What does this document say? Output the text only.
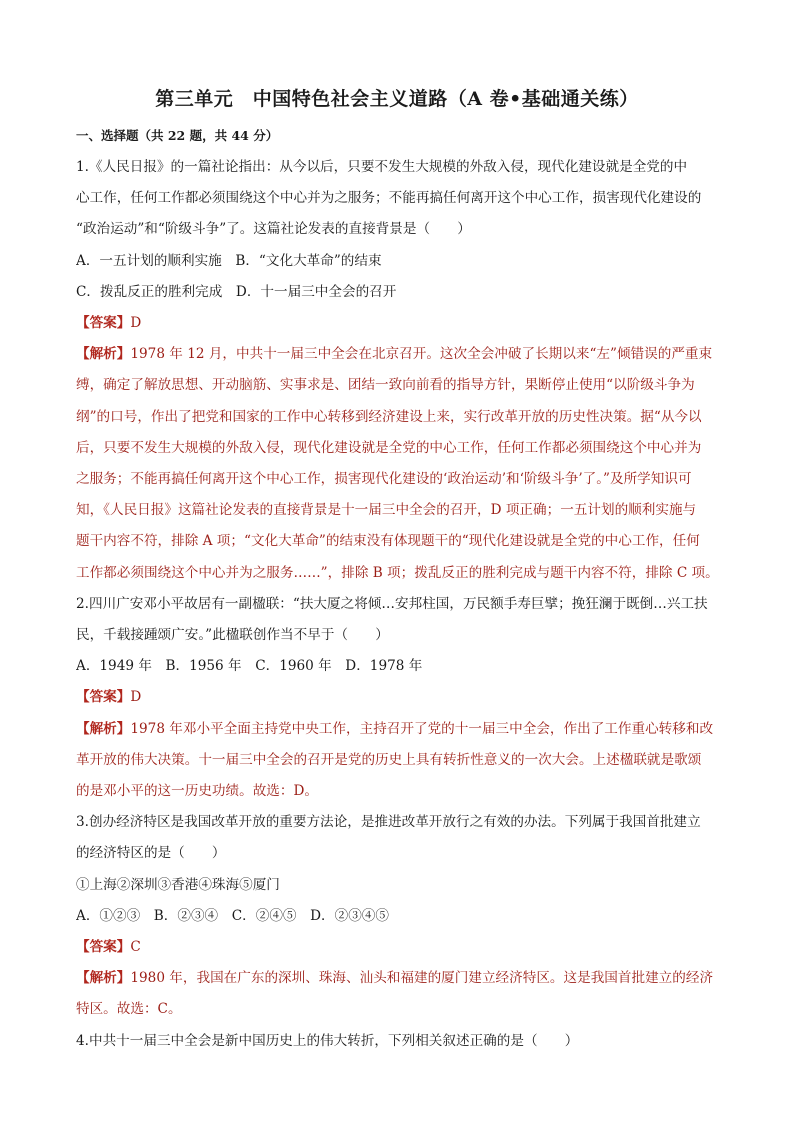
第三单元　中国特色社会主义道路（A 卷•基础通关练）
一、选择题（共 22 题，共 44 分）
1.《人民日报》的一篇社论指出：从今以后，只要不发生大规模的外敌入侵，现代化建设就是全党的中
心工作，任何工作都必须围绕这个中心并为之服务；不能再搞任何离开这个中心工作，损害现代化建设的
“政治运动”和“阶级斗争”了。这篇社论发表的直接背景是（　　）
A．一五计划的顺利实施　B．“文化大革命”的结束
C．拨乱反正的胜利完成　D．十一届三中全会的召开
【答案】D
【解析】1978 年 12 月，中共十一届三中全会在北京召开。这次全会冲破了长期以来“左”倾错误的严重束
缚，确定了解放思想、开动脑筋、实事求是、团结一致向前看的指导方针，果断停止使用“以阶级斗争为
纲”的口号，作出了把党和国家的工作中心转移到经济建设上来，实行改革开放的历史性决策。据“从今以
后，只要不发生大规模的外敌入侵，现代化建设就是全党的中心工作，任何工作都必须围绕这个中心并为
之服务；不能再搞任何离开这个中心工作，损害现代化建设的‘政治运动’和‘阶级斗争’了。”及所学知识可
知，《人民日报》这篇社论发表的直接背景是十一届三中全会的召开，D 项正确；一五计划的顺利实施与
题干内容不符，排除 A 项；“文化大革命”的结束没有体现题干的“现代化建设就是全党的中心工作，任何
工作都必须围绕这个中心并为之服务……”，排除 B 项；拨乱反正的胜利完成与题干内容不符，排除 C 项。
2.四川广安邓小平故居有一副楹联：“扶大厦之将倾…安邦柱国，万民额手寿巨擘；挽狂澜于既倒…兴工扶
民，千载接踵颂广安。”此楹联创作当不早于（　　）
A．1949 年　B．1956 年　C．1960 年　D．1978 年
【答案】D
【解析】1978 年邓小平全面主持党中央工作，主持召开了党的十一届三中全会，作出了工作重心转移和改
革开放的伟大决策。十一届三中全会的召开是党的历史上具有转折性意义的一次大会。上述楹联就是歌颂
的是邓小平的这一历史功绩。故选：D。
3.创办经济特区是我国改革开放的重要方法论，是推进改革开放行之有效的办法。下列属于我国首批建立
的经济特区的是（　　）
①上海②深圳③香港④珠海⑤厦门
A．①②③　B．②③④　C．②④⑤　D．②③④⑤
【答案】C
【解析】1980 年，我国在广东的深圳、珠海、汕头和福建的厦门建立经济特区。这是我国首批建立的经济
特区。故选：C。
4.中共十一届三中全会是新中国历史上的伟大转折，下列相关叙述正确的是（　　）
